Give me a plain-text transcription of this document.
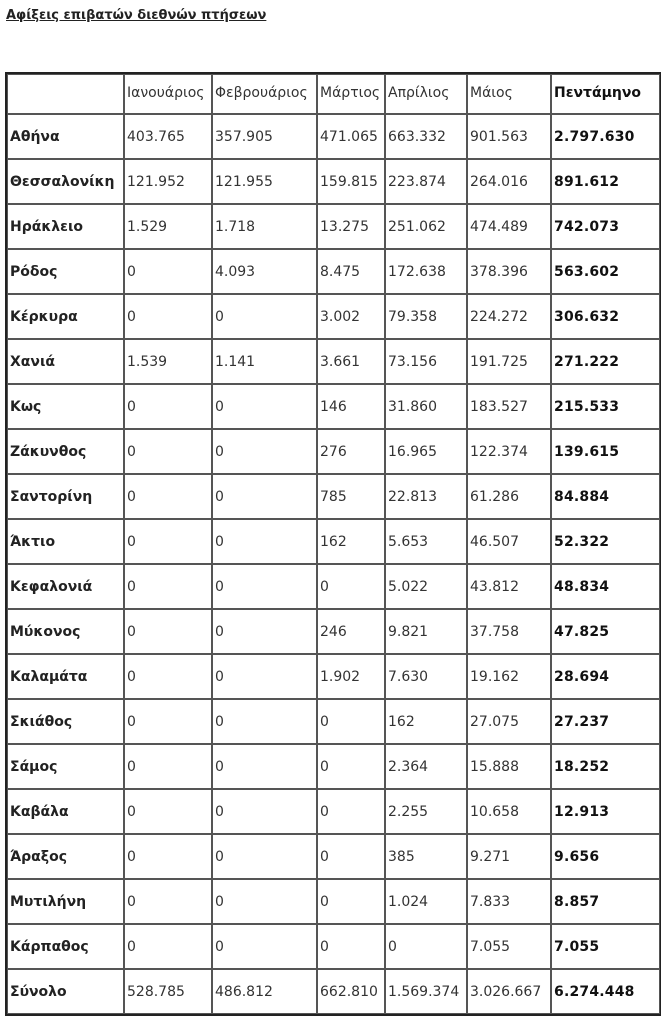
Αφίξεις επιβατών διεθνών πτήσεων
	Ιανουάριος	Φεβρουάριος	Μάρτιος	Απρίλιος	Μάιος	Πεντάμηνο
Αθήνα	403.765	357.905	471.065	663.332	901.563	2.797.630
Θεσσαλονίκη	121.952	121.955	159.815	223.874	264.016	891.612
Ηράκλειο	1.529	1.718	13.275	251.062	474.489	742.073
Ρόδος	0	4.093	8.475	172.638	378.396	563.602
Κέρκυρα	0	0	3.002	79.358	224.272	306.632
Χανιά	1.539	1.141	3.661	73.156	191.725	271.222
Κως	0	0	146	31.860	183.527	215.533
Ζάκυνθος	0	0	276	16.965	122.374	139.615
Σαντορίνη	0	0	785	22.813	61.286	84.884
Άκτιο	0	0	162	5.653	46.507	52.322
Κεφαλονιά	0	0	0	5.022	43.812	48.834
Μύκονος	0	0	246	9.821	37.758	47.825
Καλαμάτα	0	0	1.902	7.630	19.162	28.694
Σκιάθος	0	0	0	162	27.075	27.237
Σάμος	0	0	0	2.364	15.888	18.252
Καβάλα	0	0	0	2.255	10.658	12.913
Άραξος	0	0	0	385	9.271	9.656
Μυτιλήνη	0	0	0	1.024	7.833	8.857
Κάρπαθος	0	0	0	0	7.055	7.055
Σύνολο	528.785	486.812	662.810	1.569.374	3.026.667	6.274.448
